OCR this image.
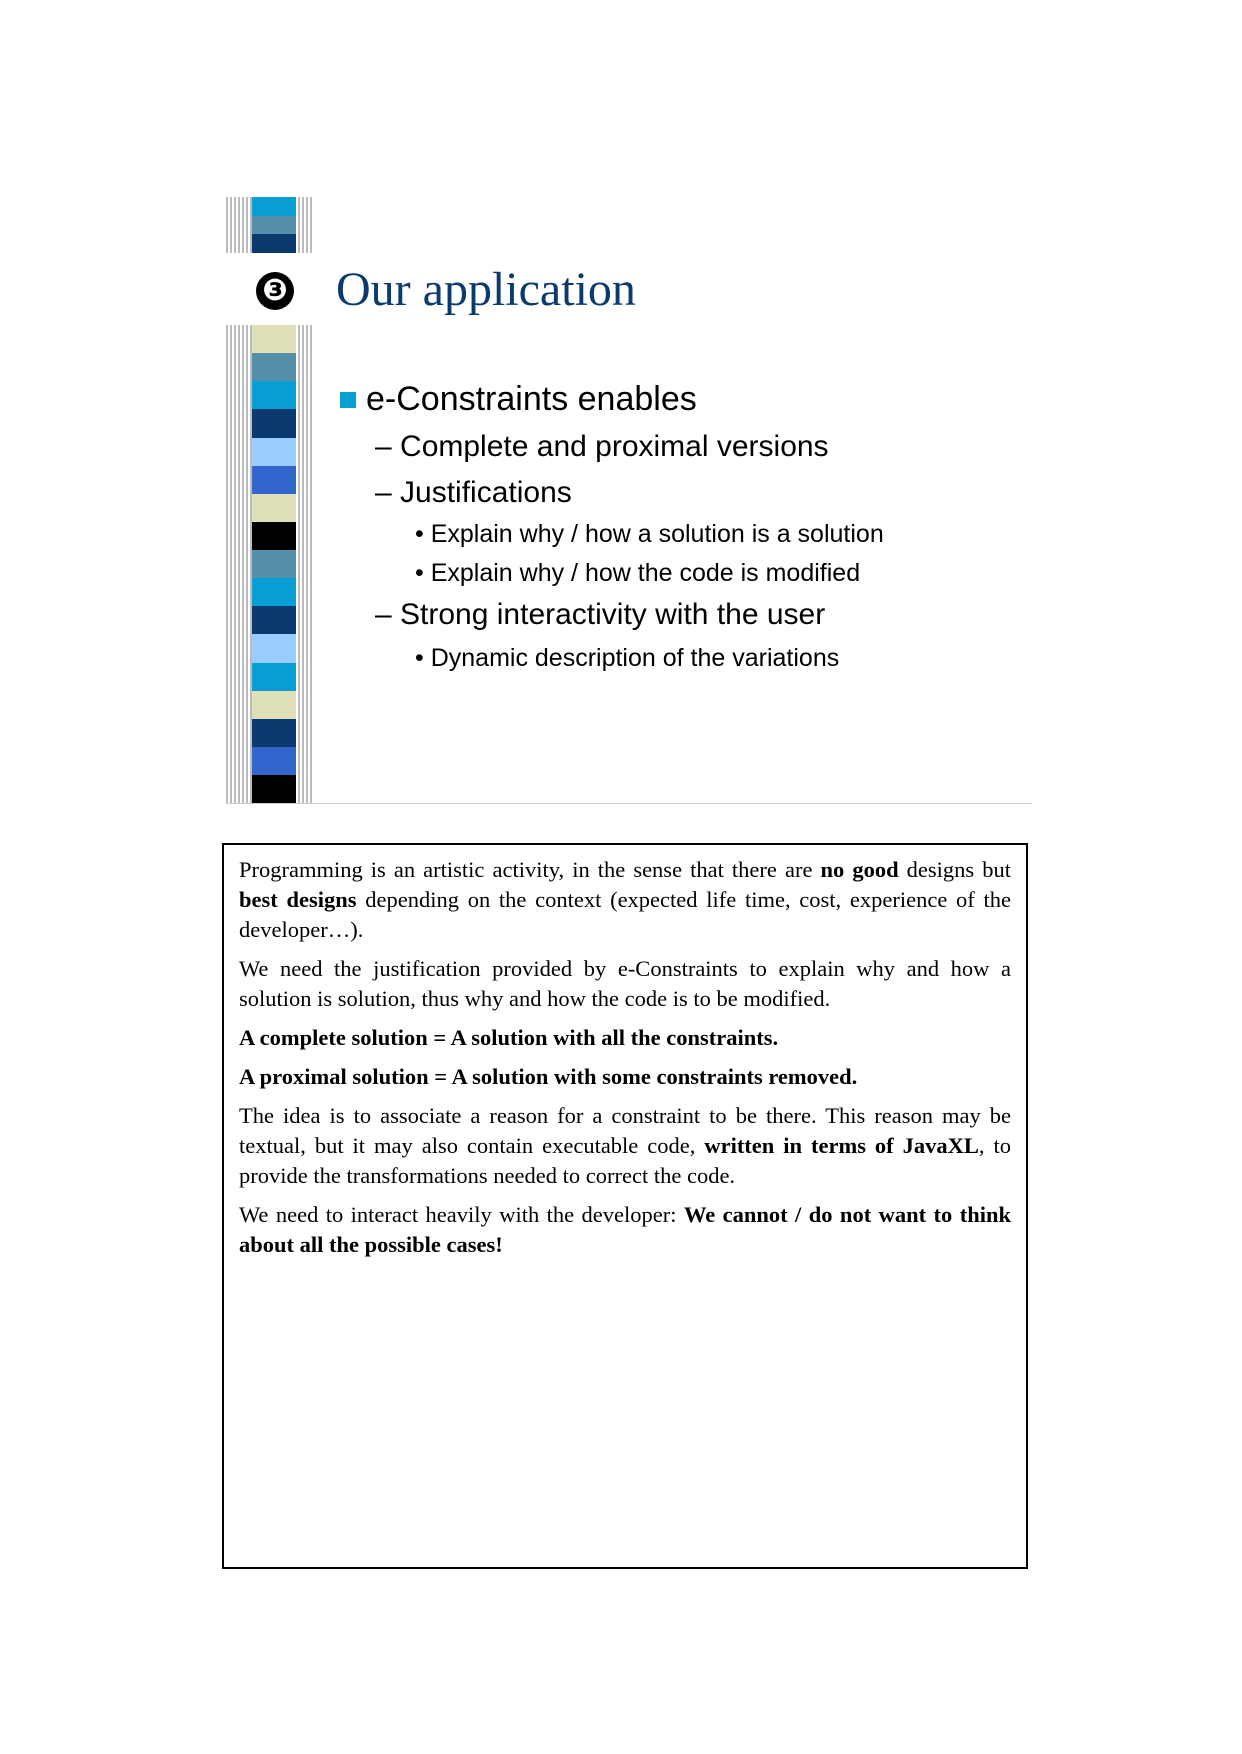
❸ Our application
e-Constraints enables
– Complete and proximal versions
– Justifications
• Explain why / how a solution is a solution
• Explain why / how the code is modified
– Strong interactivity with the user
• Dynamic description of the variations

Programming is an artistic activity, in the sense that there are no good designs but best designs depending on the context (expected life time, cost, experience of the developer…).

We need the justification provided by e-Constraints to explain why and how a solution is solution, thus why and how the code is to be modified.

A complete solution = A solution with all the constraints.

A proximal solution = A solution with some constraints removed.

The idea is to associate a reason for a constraint to be there. This reason may be textual, but it may also contain executable code, written in terms of JavaXL, to provide the transformations needed to correct the code.

We need to interact heavily with the developer: We cannot / do not want to think about all the possible cases!
